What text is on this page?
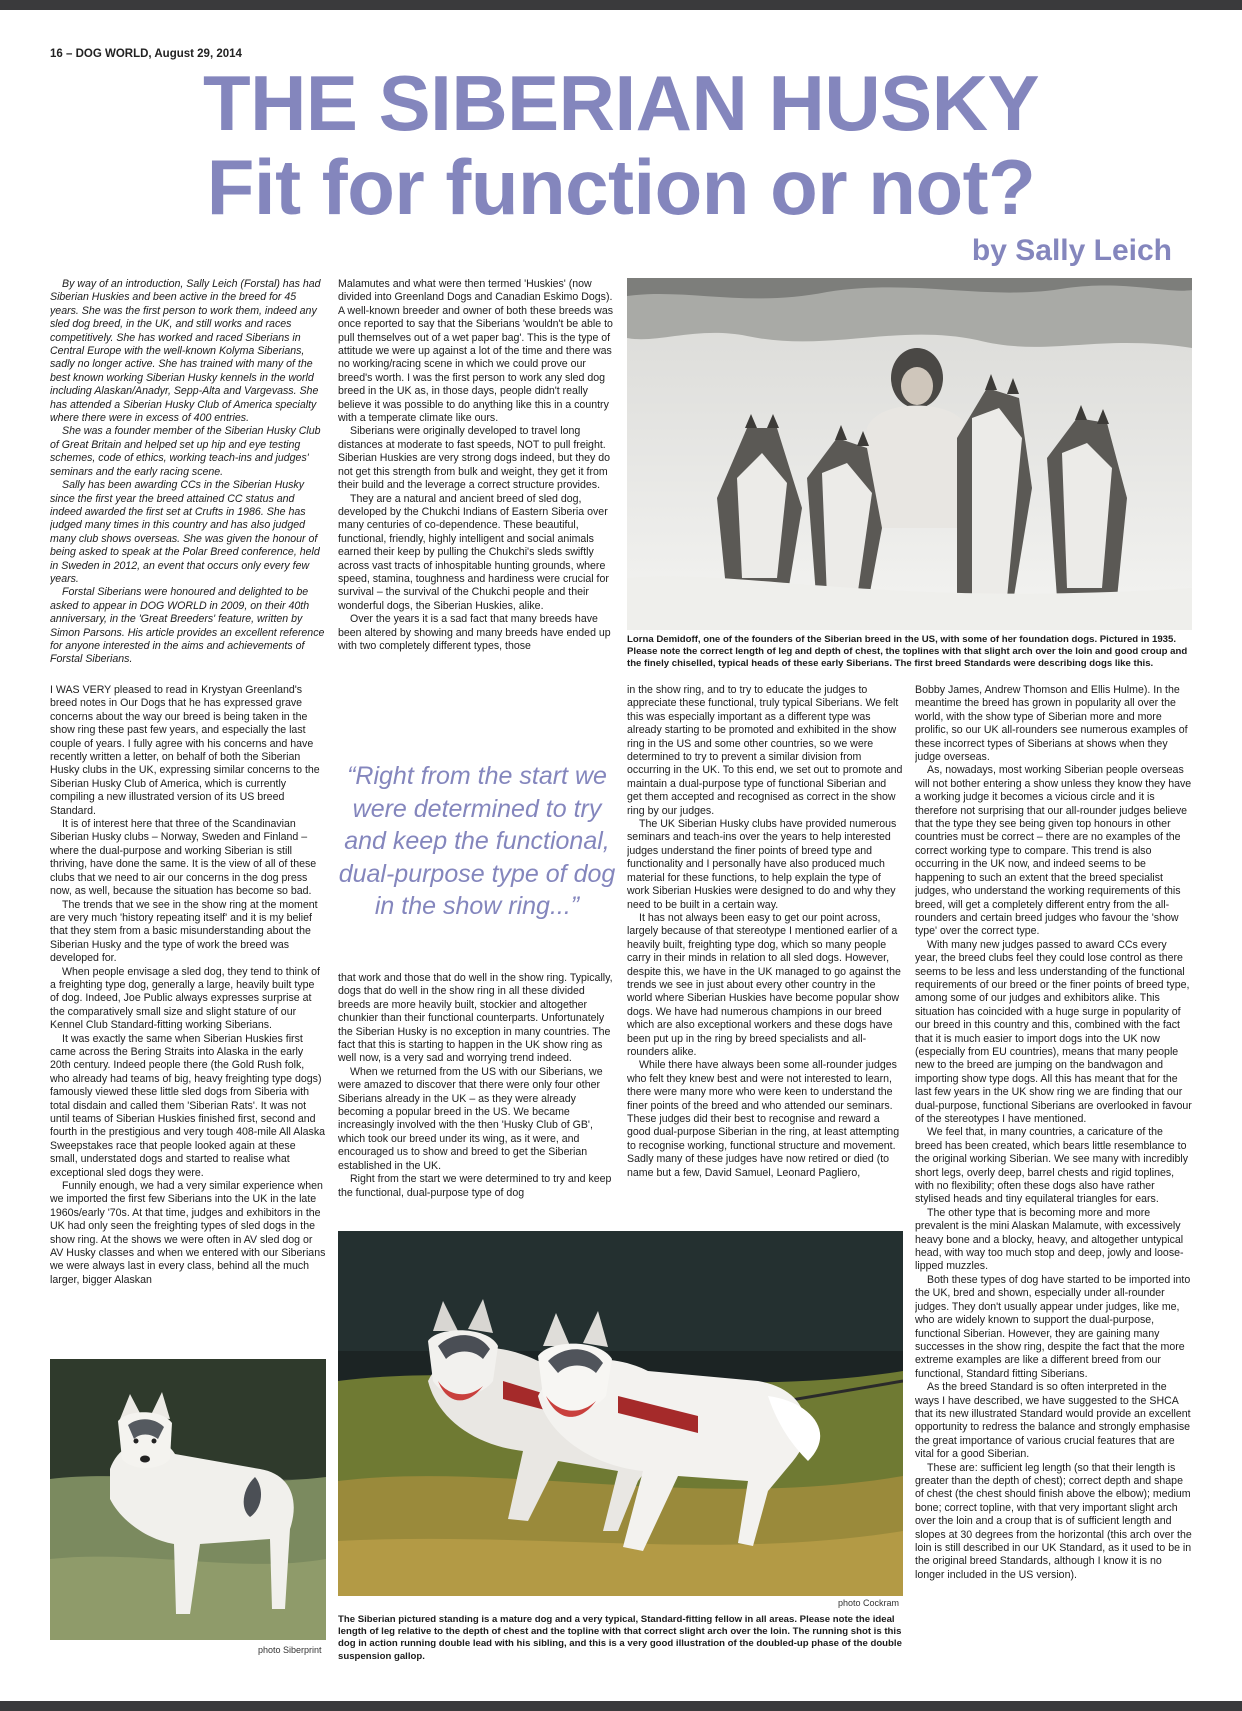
16 – DOG WORLD, August 29, 2014
THE SIBERIAN HUSKY
Fit for function or not?
by Sally Leich

By way of an introduction, Sally Leich (Forstal) has had Siberian Huskies and been active in the breed for 45 years. She was the first person to work them, indeed any sled dog breed, in the UK, and still works and races competitively. She has worked and raced Siberians in Central Europe with the well-known Kolyma Siberians, sadly no longer active. She has trained with many of the best known working Siberian Husky kennels in the world including Alaskan/Anadyr, Sepp-Alta and Vargevass. She has attended a Siberian Husky Club of America specialty where there were in excess of 400 entries.

She was a founder member of the Siberian Husky Club of Great Britain and helped set up hip and eye testing schemes, code of ethics, working teach-ins and judges' seminars and the early racing scene.

Sally has been awarding CCs in the Siberian Husky since the first year the breed attained CC status and indeed awarded the first set at Crufts in 1986. She has judged many times in this country and has also judged many club shows overseas. She was given the honour of being asked to speak at the Polar Breed conference, held in Sweden in 2012, an event that occurs only every few years.

Forstal Siberians were honoured and delighted to be asked to appear in DOG WORLD in 2009, on their 40th anniversary, in the 'Great Breeders' feature, written by Simon Parsons. His article provides an excellent reference for anyone interested in the aims and achievements of Forstal Siberians.

Malamutes and what were then termed 'Huskies' (now divided into Greenland Dogs and Canadian Eskimo Dogs). A well-known breeder and owner of both these breeds was once reported to say that the Siberians 'wouldn't be able to pull themselves out of a wet paper bag'. This is the type of attitude we were up against a lot of the time and there was no working/racing scene in which we could prove our breed's worth. I was the first person to work any sled dog breed in the UK as, in those days, people didn't really believe it was possible to do anything like this in a country with a temperate climate like ours.

Siberians were originally developed to travel long distances at moderate to fast speeds, NOT to pull freight. Siberian Huskies are very strong dogs indeed, but they do not get this strength from bulk and weight, they get it from their build and the leverage a correct structure provides.

They are a natural and ancient breed of sled dog, developed by the Chukchi Indians of Eastern Siberia over many centuries of co-dependence. These beautiful, functional, friendly, highly intelligent and social animals earned their keep by pulling the Chukchi's sleds swiftly across vast tracts of inhospitable hunting grounds, where speed, stamina, toughness and hardiness were crucial for survival – the survival of the Chukchi people and their wonderful dogs, the Siberian Huskies, alike.

Over the years it is a sad fact that many breeds have been altered by showing and many breeds have ended up with two completely different types, those

Lorna Demidoff, one of the founders of the Siberian breed in the US, with some of her foundation dogs. Pictured in 1935. Please note the correct length of leg and depth of chest, the toplines with that slight arch over the loin and good croup and the finely chiselled, typical heads of these early Siberians. The first breed Standards were describing dogs like this.

I WAS VERY pleased to read in Krystyan Greenland's breed notes in Our Dogs that he has expressed grave concerns about the way our breed is being taken in the show ring these past few years, and especially the last couple of years. I fully agree with his concerns and have recently written a letter, on behalf of both the Siberian Husky clubs in the UK, expressing similar concerns to the Siberian Husky Club of America, which is currently compiling a new illustrated version of its US breed Standard.

It is of interest here that three of the Scandinavian Siberian Husky clubs – Norway, Sweden and Finland – where the dual-purpose and working Siberian is still thriving, have done the same. It is the view of all of these clubs that we need to air our concerns in the dog press now, as well, because the situation has become so bad.

The trends that we see in the show ring at the moment are very much 'history repeating itself' and it is my belief that they stem from a basic misunderstanding about the Siberian Husky and the type of work the breed was developed for.

When people envisage a sled dog, they tend to think of a freighting type dog, generally a large, heavily built type of dog. Indeed, Joe Public always expresses surprise at the comparatively small size and slight stature of our Kennel Club Standard-fitting working Siberians.

It was exactly the same when Siberian Huskies first came across the Bering Straits into Alaska in the early 20th century. Indeed people there (the Gold Rush folk, who already had teams of big, heavy freighting type dogs) famously viewed these little sled dogs from Siberia with total disdain and called them 'Siberian Rats'. It was not until teams of Siberian Huskies finished first, second and fourth in the prestigious and very tough 408-mile All Alaska Sweepstakes race that people looked again at these small, understated dogs and started to realise what exceptional sled dogs they were.

Funnily enough, we had a very similar experience when we imported the first few Siberians into the UK in the late 1960s/early '70s. At that time, judges and exhibitors in the UK had only seen the freighting types of sled dogs in the show ring. At the shows we were often in AV sled dog or AV Husky classes and when we entered with our Siberians we were always last in every class, behind all the much larger, bigger Alaskan

“Right from the start we were determined to try and keep the functional, dual-purpose type of dog in the show ring...”

that work and those that do well in the show ring. Typically, dogs that do well in the show ring in all these divided breeds are more heavily built, stockier and altogether chunkier than their functional counterparts. Unfortunately the Siberian Husky is no exception in many countries. The fact that this is starting to happen in the UK show ring as well now, is a very sad and worrying trend indeed.

When we returned from the US with our Siberians, we were amazed to discover that there were only four other Siberians already in the UK – as they were already becoming a popular breed in the US. We became increasingly involved with the then 'Husky Club of GB', which took our breed under its wing, as it were, and encouraged us to show and breed to get the Siberian established in the UK.

Right from the start we were determined to try and keep the functional, dual-purpose type of dog

in the show ring, and to try to educate the judges to appreciate these functional, truly typical Siberians. We felt this was especially important as a different type was already starting to be promoted and exhibited in the show ring in the US and some other countries, so we were determined to try to prevent a similar division from occurring in the UK. To this end, we set out to promote and maintain a dual-purpose type of functional Siberian and get them accepted and recognised as correct in the show ring by our judges.

The UK Siberian Husky clubs have provided numerous seminars and teach-ins over the years to help interested judges understand the finer points of breed type and functionality and I personally have also produced much material for these functions, to help explain the type of work Siberian Huskies were designed to do and why they need to be built in a certain way.

It has not always been easy to get our point across, largely because of that stereotype I mentioned earlier of a heavily built, freighting type dog, which so many people carry in their minds in relation to all sled dogs. However, despite this, we have in the UK managed to go against the trends we see in just about every other country in the world where Siberian Huskies have become popular show dogs. We have had numerous champions in our breed which are also exceptional workers and these dogs have been put up in the ring by breed specialists and all-rounders alike.

While there have always been some all-rounder judges who felt they knew best and were not interested to learn, there were many more who were keen to understand the finer points of the breed and who attended our seminars. These judges did their best to recognise and reward a good dual-purpose Siberian in the ring, at least attempting to recognise working, functional structure and movement. Sadly many of these judges have now retired or died (to name but a few, David Samuel, Leonard Pagliero,

Bobby James, Andrew Thomson and Ellis Hulme). In the meantime the breed has grown in popularity all over the world, with the show type of Siberian more and more prolific, so our UK all-rounders see numerous examples of these incorrect types of Siberians at shows when they judge overseas.

As, nowadays, most working Siberian people overseas will not bother entering a show unless they know they have a working judge it becomes a vicious circle and it is therefore not surprising that our all-rounder judges believe that the type they see being given top honours in other countries must be correct – there are no examples of the correct working type to compare. This trend is also occurring in the UK now, and indeed seems to be happening to such an extent that the breed specialist judges, who understand the working requirements of this breed, will get a completely different entry from the all-rounders and certain breed judges who favour the 'show type' over the correct type.

With many new judges passed to award CCs every year, the breed clubs feel they could lose control as there seems to be less and less understanding of the functional requirements of our breed or the finer points of breed type, among some of our judges and exhibitors alike. This situation has coincided with a huge surge in popularity of our breed in this country and this, combined with the fact that it is much easier to import dogs into the UK now (especially from EU countries), means that many people new to the breed are jumping on the bandwagon and importing show type dogs. All this has meant that for the last few years in the UK show ring we are finding that our dual-purpose, functional Siberians are overlooked in favour of the stereotypes I have mentioned.

We feel that, in many countries, a caricature of the breed has been created, which bears little resemblance to the original working Siberian. We see many with incredibly short legs, overly deep, barrel chests and rigid toplines, with no flexibility; often these dogs also have rather stylised heads and tiny equilateral triangles for ears.

The other type that is becoming more and more prevalent is the mini Alaskan Malamute, with excessively heavy bone and a blocky, heavy, and altogether untypical head, with way too much stop and deep, jowly and loose-lipped muzzles.

Both these types of dog have started to be imported into the UK, bred and shown, especially under all-rounder judges. They don't usually appear under judges, like me, who are widely known to support the dual-purpose, functional Siberian. However, they are gaining many successes in the show ring, despite the fact that the more extreme examples are like a different breed from our functional, Standard fitting Siberians.

As the breed Standard is so often interpreted in the ways I have described, we have suggested to the SHCA that its new illustrated Standard would provide an excellent opportunity to redress the balance and strongly emphasise the great importance of various crucial features that are vital for a good Siberian.

These are: sufficient leg length (so that their length is greater than the depth of chest); correct depth and shape of chest (the chest should finish above the elbow); medium bone; correct topline, with that very important slight arch over the loin and a croup that is of sufficient length and slopes at 30 degrees from the horizontal (this arch over the loin is still described in our UK Standard, as it used to be in the original breed Standards, although I know it is no longer included in the US version).

photo Siberprint
photo Cockram
The Siberian pictured standing is a mature dog and a very typical, Standard-fitting fellow in all areas. Please note the ideal length of leg relative to the depth of chest and the topline with that correct slight arch over the loin. The running shot is this dog in action running double lead with his sibling, and this is a very good illustration of the doubled-up phase of the double suspension gallop.
